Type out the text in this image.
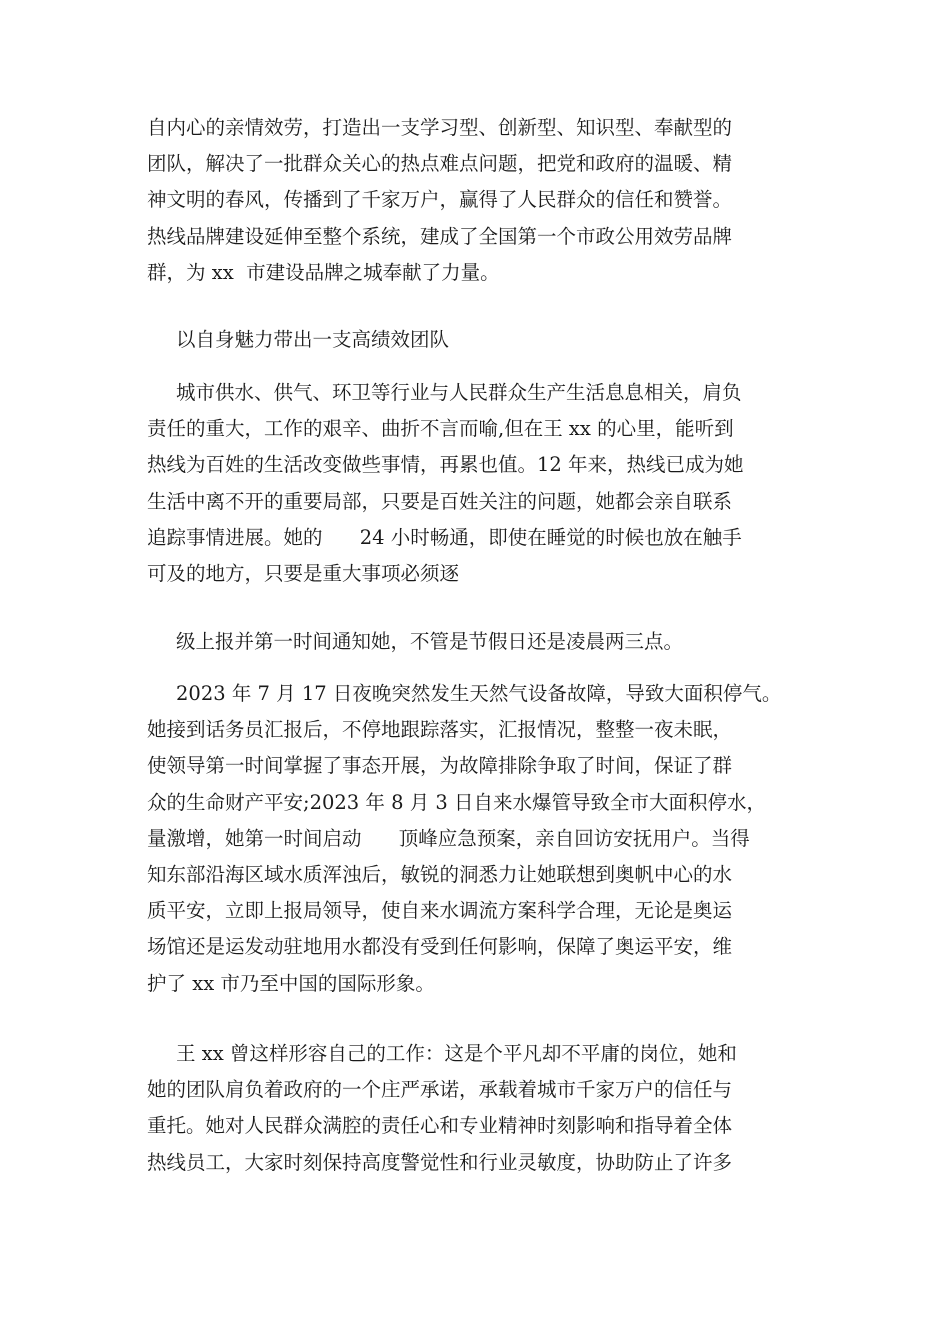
自内心的亲情效劳，打造出一支学习型、创新型、知识型、奉献型的
团队，解决了一批群众关心的热点难点问题，把党和政府的温暖、精
神文明的春风，传播到了千家万户，赢得了人民群众的信任和赞誉。
热线品牌建设延伸至整个系统，建成了全国第一个市政公用效劳品牌
群，为 xx  市建设品牌之城奉献了力量。
以自身魅力带出一支高绩效团队
城市供水、供气、环卫等行业与人民群众生产生活息息相关，肩负
责任的重大，工作的艰辛、曲折不言而喻,但在王 xx 的心里，能听到
热线为百姓的生活改变做些事情，再累也值。12 年来，热线已成为她
生活中离不开的重要局部，只要是百姓关注的问题，她都会亲自联系
追踪事情进展。她的      24 小时畅通，即使在睡觉的时候也放在触手
可及的地方，只要是重大事项必须逐
级上报并第一时间通知她，不管是节假日还是凌晨两三点。
2023 年 7 月 17 日夜晚突然发生天然气设备故障，导致大面积停气。
她接到话务员汇报后，不停地跟踪落实，汇报情况，整整一夜未眠，
使领导第一时间掌握了事态开展，为故障排除争取了时间，保证了群
众的生命财产平安;2023 年 8 月 3 日自来水爆管导致全市大面积停水，
量激增，她第一时间启动      顶峰应急预案，亲自回访安抚用户。当得
知东部沿海区域水质浑浊后，敏锐的洞悉力让她联想到奥帆中心的水
质平安，立即上报局领导，使自来水调流方案科学合理，无论是奥运
场馆还是运发动驻地用水都没有受到任何影响，保障了奥运平安，维
护了 xx 市乃至中国的国际形象。
王 xx 曾这样形容自己的工作：这是个平凡却不平庸的岗位，她和
她的团队肩负着政府的一个庄严承诺，承载着城市千家万户的信任与
重托。她对人民群众满腔的责任心和专业精神时刻影响和指导着全体
热线员工，大家时刻保持高度警觉性和行业灵敏度，协助防止了许多
